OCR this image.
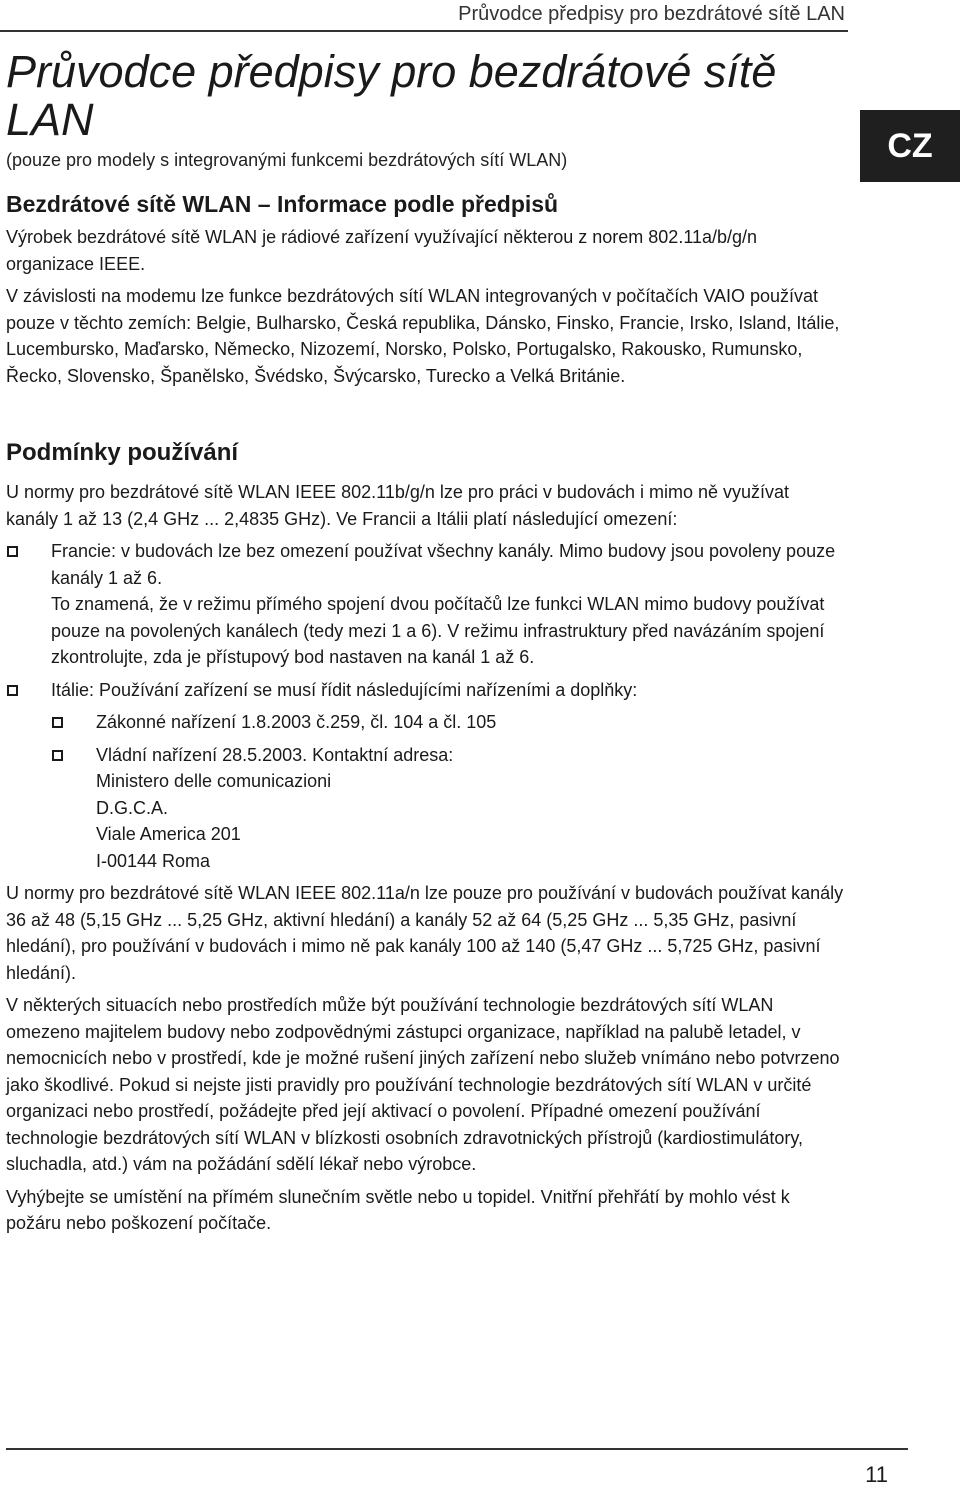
Průvodce předpisy pro bezdrátové sítě LAN
CZ
Průvodce předpisy pro bezdrátové sítě LAN
(pouze pro modely s integrovanými funkcemi bezdrátových sítí WLAN)
Bezdrátové sítě WLAN – Informace podle předpisů

Výrobek bezdrátové sítě WLAN je rádiové zařízení využívající některou z norem 802.11a/b/g/n organizace IEEE.

V závislosti na modemu lze funkce bezdrátových sítí WLAN integrovaných v počítačích VAIO používat pouze v těchto zemích: Belgie, Bulharsko, Česká republika, Dánsko, Finsko, Francie, Irsko, Island, Itálie, Lucembursko, Maďarsko, Německo, Nizozemí, Norsko, Polsko, Portugalsko, Rakousko, Rumunsko, Řecko, Slovensko, Španělsko, Švédsko, Švýcarsko, Turecko a Velká Británie.

Podmínky používání

U normy pro bezdrátové sítě WLAN IEEE 802.11b/g/n lze pro práci v budovách i mimo ně využívat kanály 1 až 13 (2,4 GHz ... 2,4835 GHz). Ve Francii a Itálii platí následující omezení:

Francie: v budovách lze bez omezení používat všechny kanály. Mimo budovy jsou povoleny pouze kanály 1 až 6.
To znamená, že v režimu přímého spojení dvou počítačů lze funkci WLAN mimo budovy používat pouze na povolených kanálech (tedy mezi 1 a 6). V režimu infrastruktury před navázáním spojení zkontrolujte, zda je přístupový bod nastaven na kanál 1 až 6.
Itálie: Používání zařízení se musí řídit následujícími nařízeními a doplňky:
Zákonné nařízení 1.8.2003 č.259, čl. 104 a čl. 105
Vládní nařízení 28.5.2003. Kontaktní adresa:
Ministero delle comunicazioni
D.G.C.A.
Viale America 201
I-00144 Roma

U normy pro bezdrátové sítě WLAN IEEE 802.11a/n lze pouze pro používání v budovách používat kanály 36 až 48 (5,15 GHz ... 5,25 GHz, aktivní hledání) a kanály 52 až 64 (5,25 GHz ... 5,35 GHz, pasivní hledání), pro používání v budovách i mimo ně pak kanály 100 až 140 (5,47 GHz ... 5,725 GHz, pasivní hledání).

V některých situacích nebo prostředích může být používání technologie bezdrátových sítí WLAN omezeno majitelem budovy nebo zodpovědnými zástupci organizace, například na palubě letadel, v nemocnicích nebo v prostředí, kde je možné rušení jiných zařízení nebo služeb vnímáno nebo potvrzeno jako škodlivé. Pokud si nejste jisti pravidly pro používání technologie bezdrátových sítí WLAN v určité organizaci nebo prostředí, požádejte před její aktivací o povolení. Případné omezení používání technologie bezdrátových sítí WLAN v blízkosti osobních zdravotnických přístrojů (kardiostimulátory, sluchadla, atd.) vám na požádání sdělí lékař nebo výrobce.

Vyhýbejte se umístění na přímém slunečním světle nebo u topidel. Vnitřní přehřátí by mohlo vést k požáru nebo poškození počítače.

11
